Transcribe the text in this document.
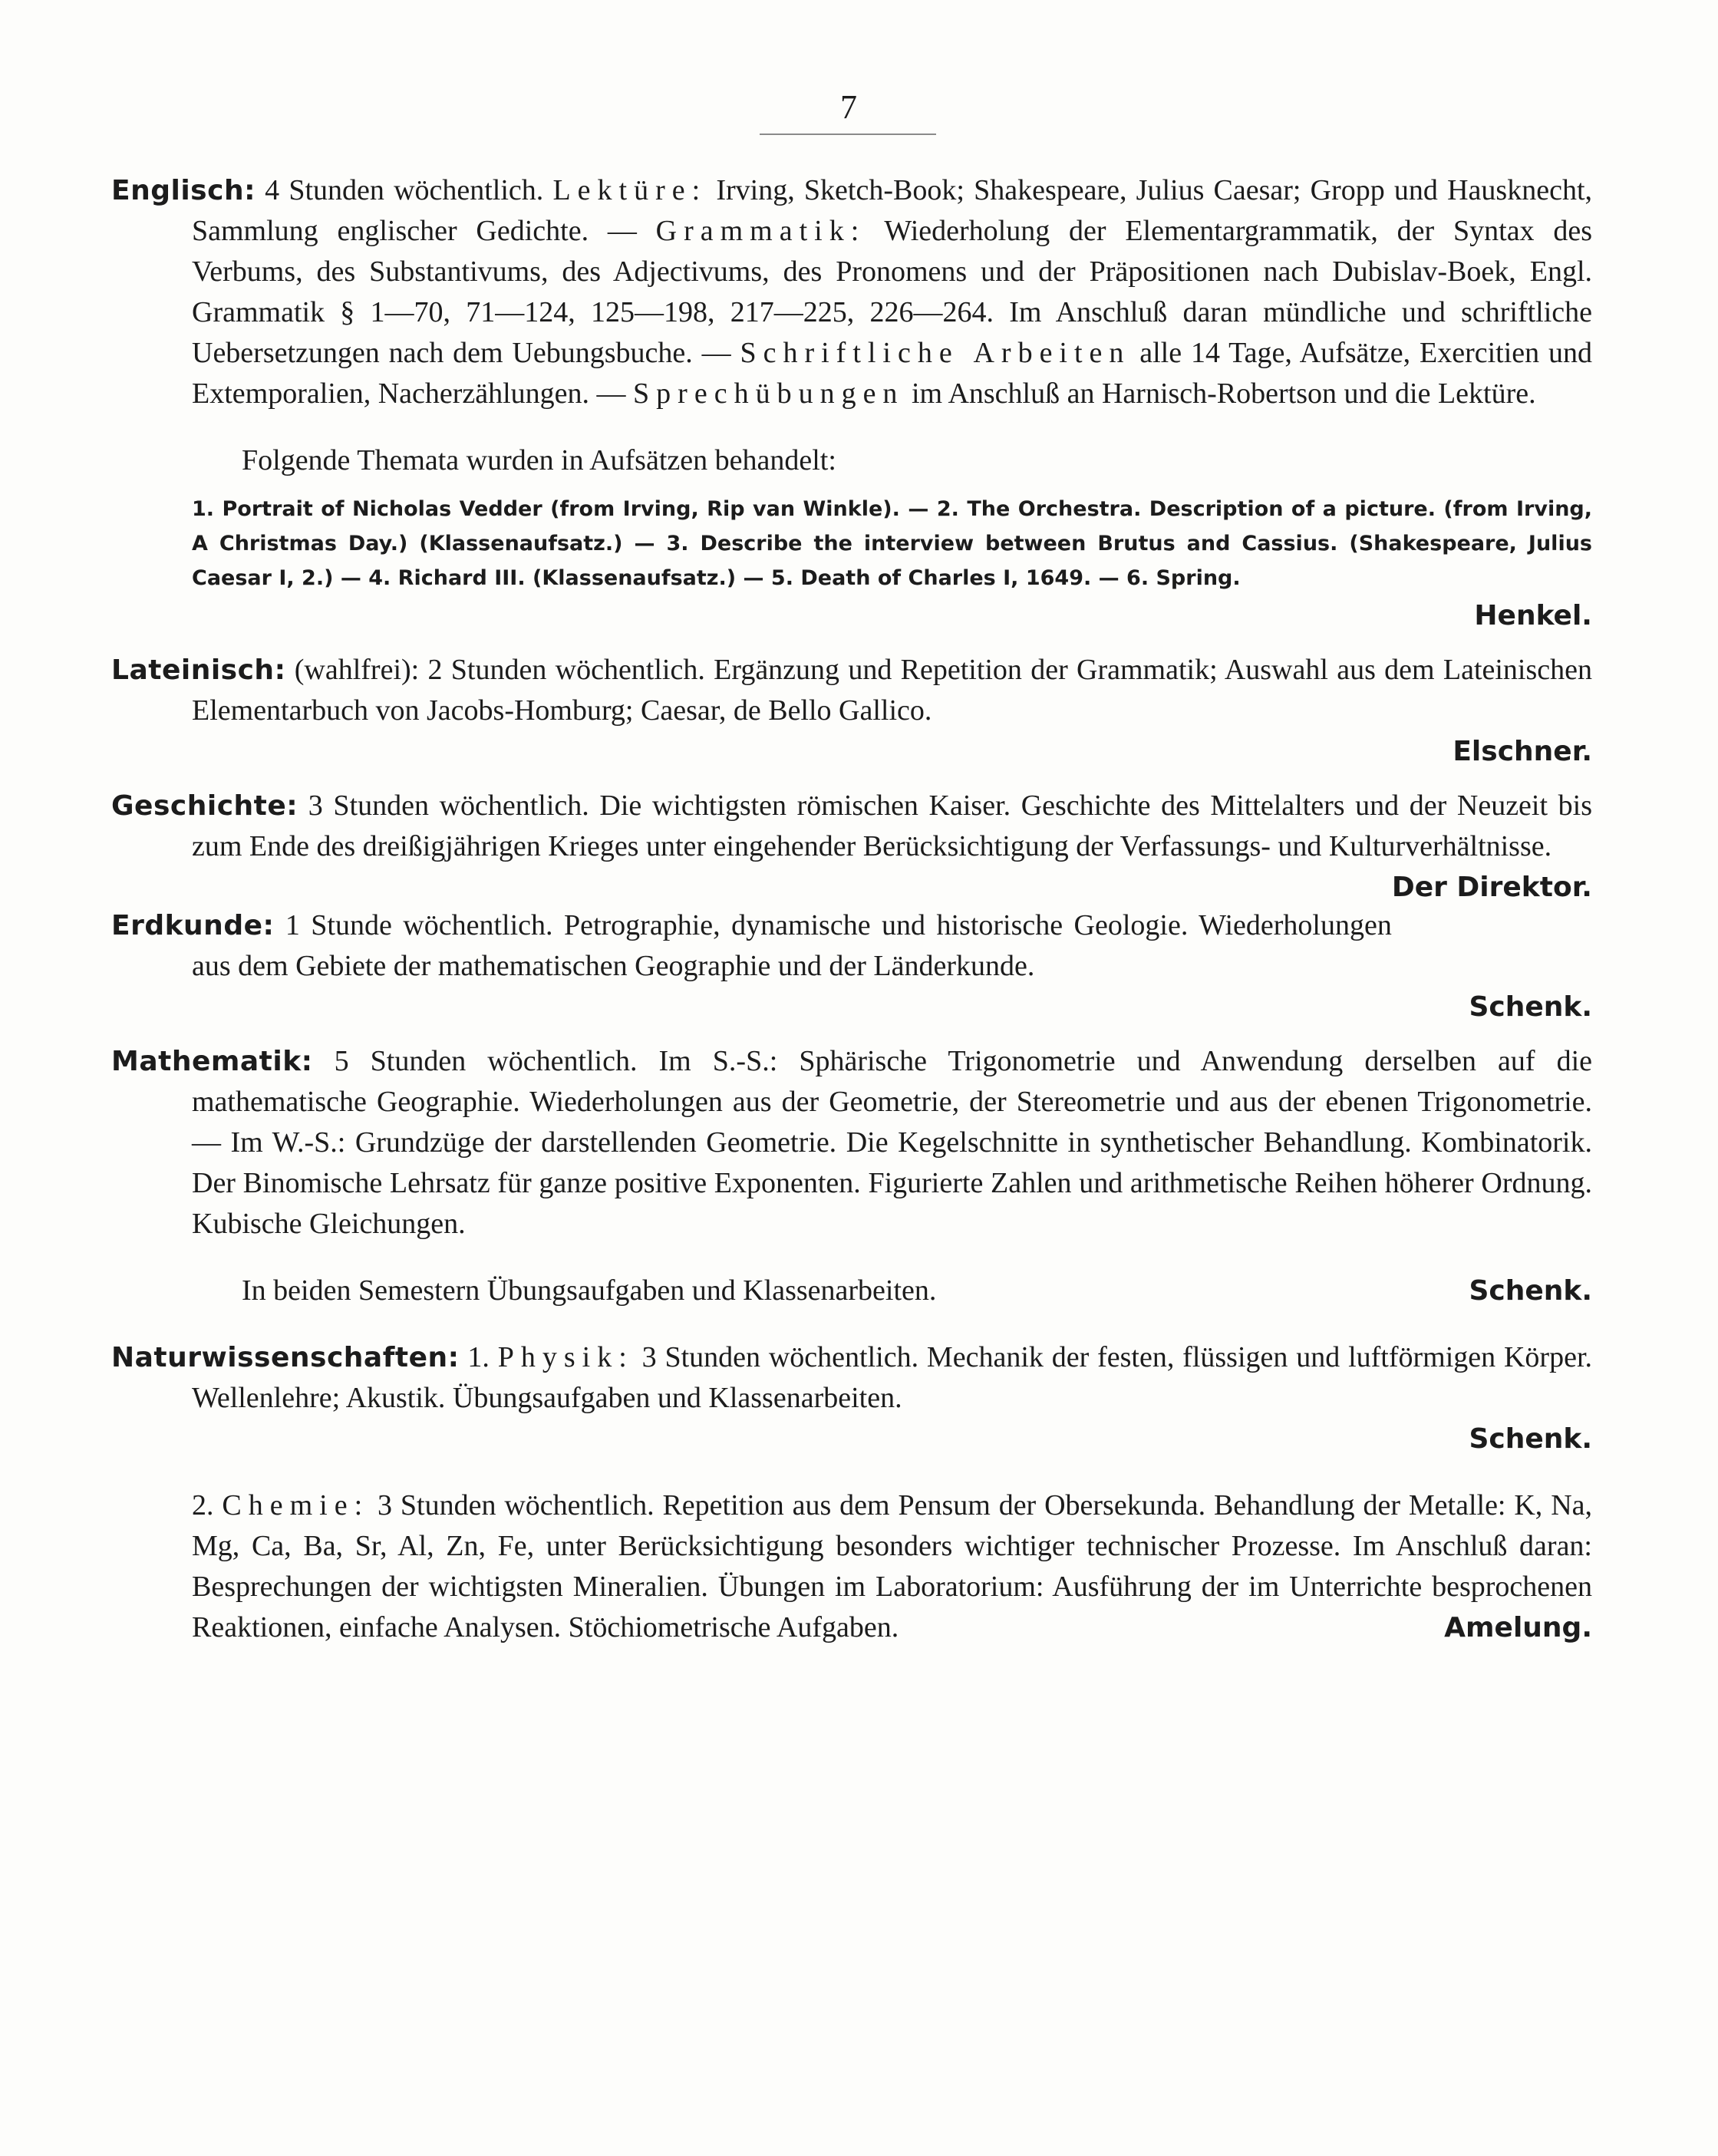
7

Englisch: 4 Stunden wöchentlich. Lektüre: Irving, Sketch-Book; Shakespeare, Julius Caesar; Gropp und Hausknecht, Sammlung englischer Gedichte. — Grammatik: Wiederholung der Elementargrammatik, der Syntax des Verbums, des Substantivums, des Adjectivums, des Pronomens und der Präpositionen nach Dubislav-Boek, Engl. Grammatik § 1—70, 71—124, 125—198, 217—225, 226—264. Im Anschluß daran mündliche und schriftliche Uebersetzungen nach dem Uebungsbuche. — Schriftliche Arbeiten alle 14 Tage, Aufsätze, Exercitien und Extemporalien, Nacherzählungen. — Sprechübungen im Anschluß an Harnisch-Robertson und die Lektüre.

Folgende Themata wurden in Aufsätzen behandelt:

1. Portrait of Nicholas Vedder (from Irving, Rip van Winkle). — 2. The Orchestra. Description of a picture. (from Irving, A Christmas Day.) (Klassenaufsatz.) — 3. Describe the interview between Brutus and Cassius. (Shakespeare, Julius Caesar I, 2.) — 4. Richard III. (Klassenaufsatz.) — 5. Death of Charles I, 1649. — 6. Spring.

Henkel.

Lateinisch: (wahlfrei): 2 Stunden wöchentlich. Ergänzung und Repetition der Grammatik; Auswahl aus dem Lateinischen Elementarbuch von Jacobs-Homburg; Caesar, de Bello Gallico.

Elschner.

Geschichte: 3 Stunden wöchentlich. Die wichtigsten römischen Kaiser. Geschichte des Mittelalters und der Neuzeit bis zum Ende des dreißigjährigen Krieges unter eingehender Berücksichtigung der Verfassungs- und Kulturverhältnisse.
Der Direktor.

Erdkunde: 1 Stunde wöchentlich. Petrographie, dynamische und historische Geologie. Wiederholungen aus dem Gebiete der mathematischen Geographie und der Länderkunde.

Schenk.

Mathematik: 5 Stunden wöchentlich. Im S.-S.: Sphärische Trigonometrie und Anwendung derselben auf die mathematische Geographie. Wiederholungen aus der Geometrie, der Stereometrie und aus der ebenen Trigonometrie. — Im W.-S.: Grundzüge der darstellenden Geometrie. Die Kegelschnitte in synthetischer Behandlung. Kombinatorik. Der Binomische Lehrsatz für ganze positive Exponenten. Figurierte Zahlen und arithmetische Reihen höherer Ordnung. Kubische Gleichungen.

In beiden Semestern Übungsaufgaben und Klassenarbeiten.	Schenk.

Naturwissenschaften: 1. Physik: 3 Stunden wöchentlich. Mechanik der festen, flüssigen und luftförmigen Körper. Wellenlehre; Akustik. Übungsaufgaben und Klassenarbeiten.

Schenk.

2. Chemie: 3 Stunden wöchentlich. Repetition aus dem Pensum der Obersekunda. Behandlung der Metalle: K, Na, Mg, Ca, Ba, Sr, Al, Zn, Fe, unter Berücksichtigung besonders wichtiger technischer Prozesse. Im Anschluß daran: Besprechungen der wichtigsten Mineralien. Übungen im Laboratorium: Ausführung der im Unterrichte besprochenen Reaktionen, einfache Analysen. Stöchiometrische Aufgaben.	Amelung.
